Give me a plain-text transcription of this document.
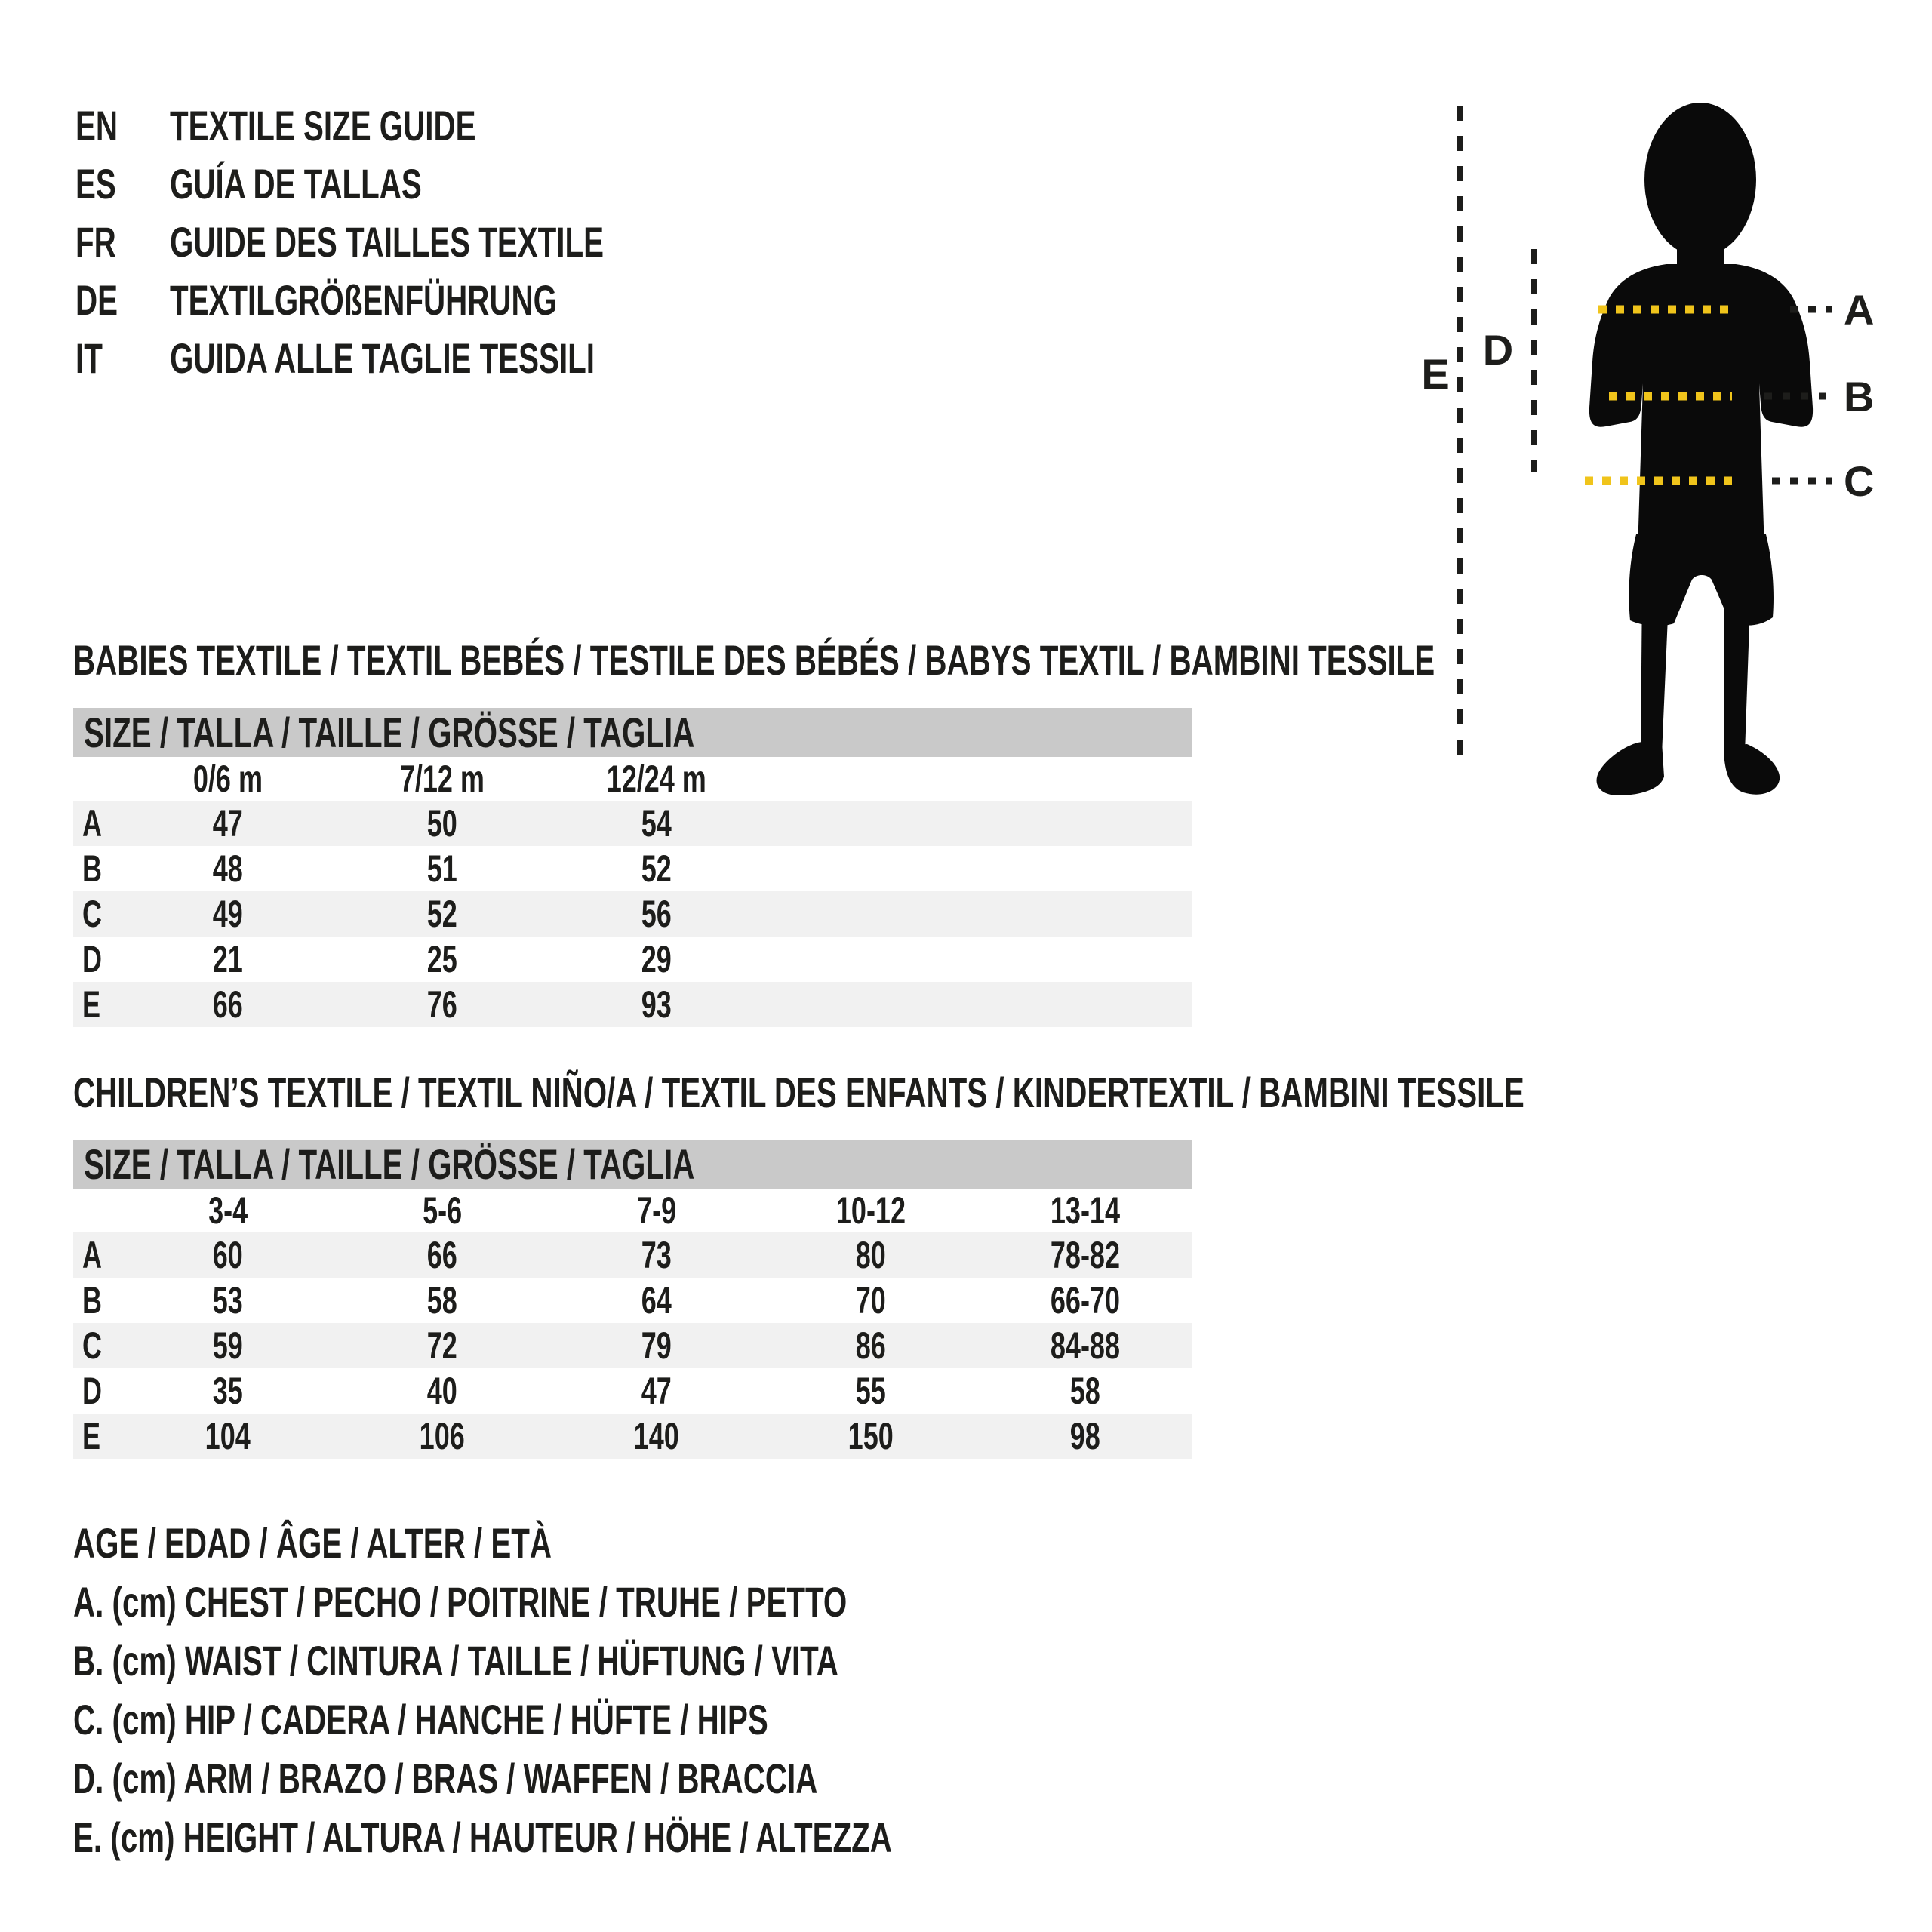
EN	TEXTILE SIZE GUIDE
ES	GUÍA DE TALLAS
FR	GUIDE DES TAILLES TEXTILE
DE	TEXTILGRÖßENFÜHRUNG
IT	GUIDA ALLE TAGLIE TESSILI
A
B
C
D
E
BABIES TEXTILE / TEXTIL BEBÉS / TESTILE DES BÉBÉS / BABYS TEXTIL / BAMBINI TESSILE
SIZE / TALLA / TAILLE / GRÖSSE / TAGLIA
	0/6 m	7/12 m	12/24 m		
A	47	50	54		
B	48	51	52		
C	49	52	56		
D	21	25	29		
E	66	76	93		
CHILDREN’S TEXTILE / TEXTIL NIÑO/A / TEXTIL DES ENFANTS / KINDERTEXTIL / BAMBINI TESSILE
SIZE / TALLA / TAILLE / GRÖSSE / TAGLIA
	3-4	5-6	7-9	10-12	13-14
A	60	66	73	80	78-82
B	53	58	64	70	66-70
C	59	72	79	86	84-88
D	35	40	47	55	58
E	104	106	140	150	98
AGE / EDAD / ÂGE / ALTER / ETÀ
A. (cm) CHEST / PECHO / POITRINE / TRUHE / PETTO
B. (cm) WAIST / CINTURA / TAILLE / HÜFTUNG / VITA
C. (cm) HIP / CADERA / HANCHE / HÜFTE / HIPS
D. (cm) ARM / BRAZO / BRAS / WAFFEN / BRACCIA
E. (cm) HEIGHT / ALTURA / HAUTEUR / HÖHE / ALTEZZA
